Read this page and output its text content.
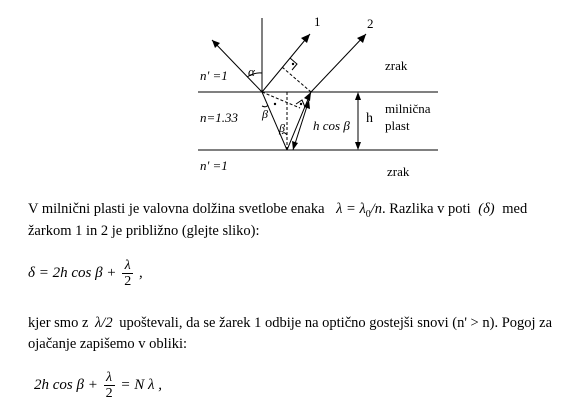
1	2
α
β
β h cos β h
n' =1
n=1.33
n' =1
zrak
milnična
plast
zrak
V milnični plasti je valovna dolžina svetlobe enaka $\lambda = \lambda_0/n$. Razlika v poti (δ) med
žarkom 1 in 2 je približno (glejte sliko):
δ = 2h $\cos \beta + \frac{\lambda}{2}$ ,
kjer smo z λ/2 upoštevali, da se žarek 1 odbije na optično gostejši snovi (n' > n). Pogoj za
ojačanje zapišemo v obliki:
2h $\cos \beta + \frac{\lambda}{2} = N$ λ ,
